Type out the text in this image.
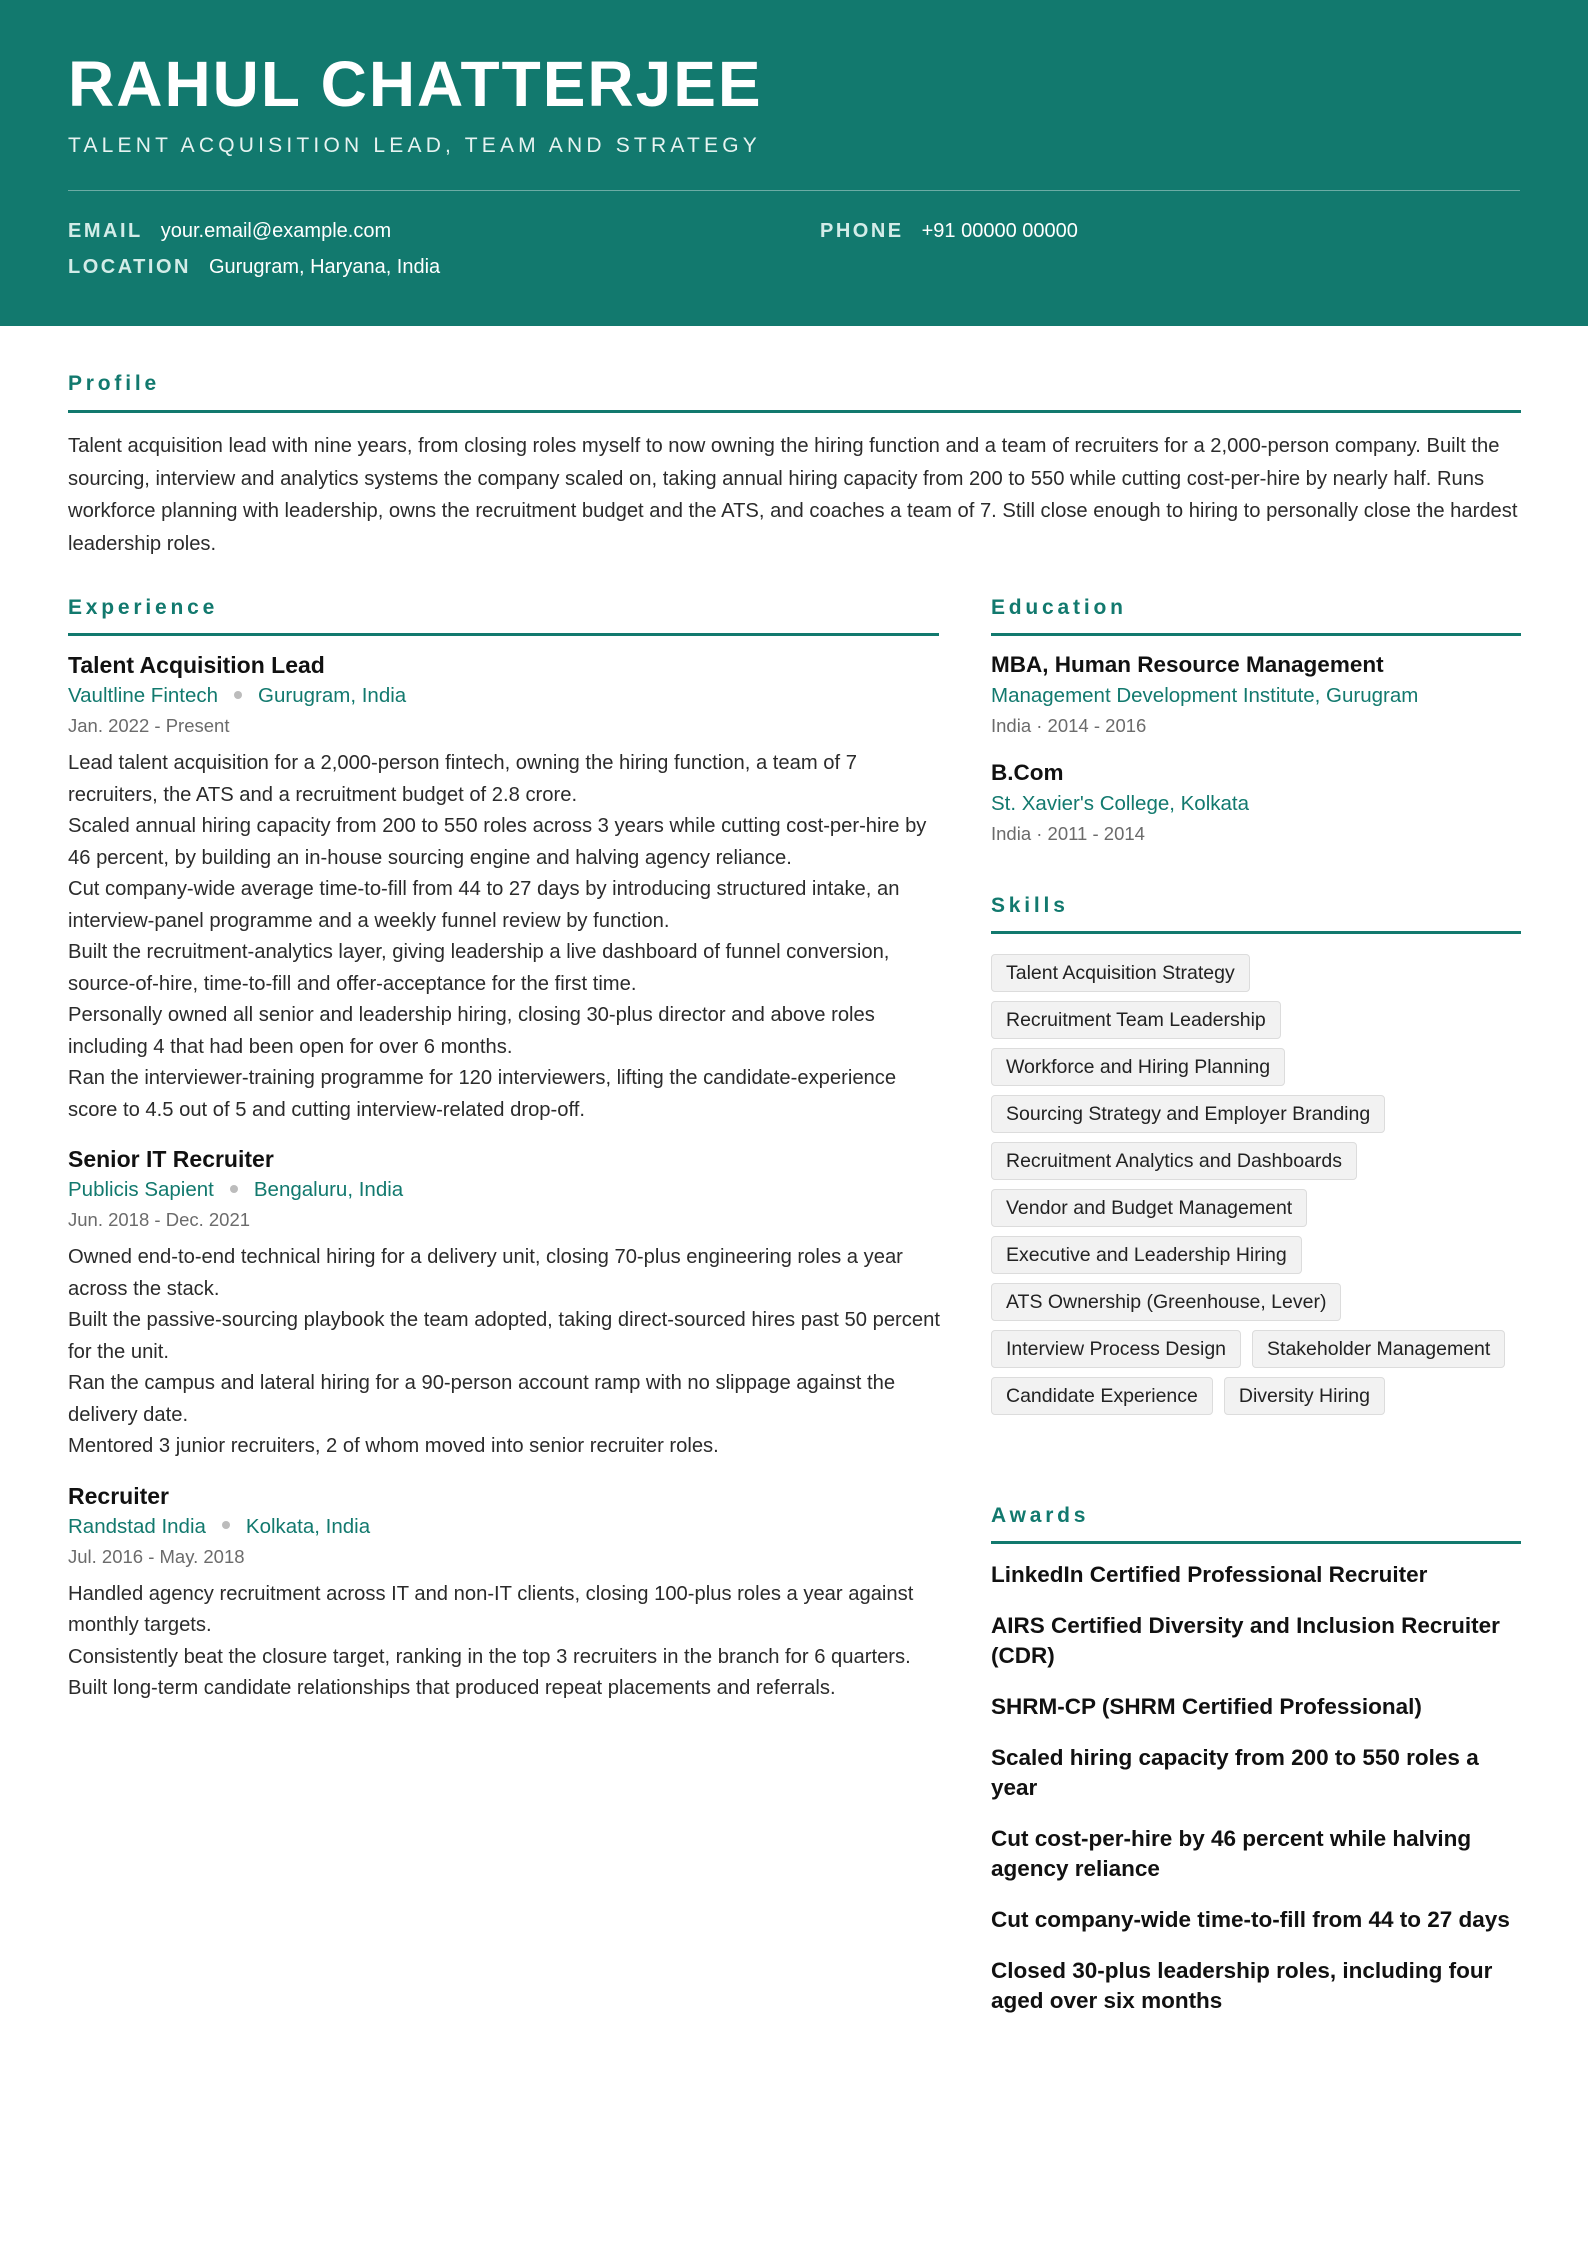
RAHUL CHATTERJEE
TALENT ACQUISITION LEAD, TEAM AND STRATEGY
EMAIL your.email@example.com	PHONE +91 00000 00000
LOCATION Gurugram, Haryana, India
Profile
Talent acquisition lead with nine years, from closing roles myself to now owning the hiring function and a team of recruiters for a 2,000-person company. Built the sourcing, interview and analytics systems the company scaled on, taking annual hiring capacity from 200 to 550 while cutting cost-per-hire by nearly half. Runs workforce planning with leadership, owns the recruitment budget and the ATS, and coaches a team of 7. Still close enough to hiring to personally close the hardest leadership roles.
Experience
Talent Acquisition Lead
Vaultline Fintech Gurugram, India
Jan. 2022 - Present
Lead talent acquisition for a 2,000-person fintech, owning the hiring function, a team of 7 recruiters, the ATS and a recruitment budget of 2.8 crore.
Scaled annual hiring capacity from 200 to 550 roles across 3 years while cutting cost-per-hire by 46 percent, by building an in-house sourcing engine and halving agency reliance.
Cut company-wide average time-to-fill from 44 to 27 days by introducing structured intake, an interview-panel programme and a weekly funnel review by function.
Built the recruitment-analytics layer, giving leadership a live dashboard of funnel conversion, source-of-hire, time-to-fill and offer-acceptance for the first time.
Personally owned all senior and leadership hiring, closing 30-plus director and above roles including 4 that had been open for over 6 months.
Ran the interviewer-training programme for 120 interviewers, lifting the candidate-experience score to 4.5 out of 5 and cutting interview-related drop-off.
Senior IT Recruiter
Publicis Sapient Bengaluru, India
Jun. 2018 - Dec. 2021
Owned end-to-end technical hiring for a delivery unit, closing 70-plus engineering roles a year across the stack.
Built the passive-sourcing playbook the team adopted, taking direct-sourced hires past 50 percent for the unit.
Ran the campus and lateral hiring for a 90-person account ramp with no slippage against the delivery date.
Mentored 3 junior recruiters, 2 of whom moved into senior recruiter roles.
Recruiter
Randstad India Kolkata, India
Jul. 2016 - May. 2018
Handled agency recruitment across IT and non-IT clients, closing 100-plus roles a year against monthly targets.
Consistently beat the closure target, ranking in the top 3 recruiters in the branch for 6 quarters.
Built long-term candidate relationships that produced repeat placements and referrals.
Education
MBA, Human Resource Management
Management Development Institute, Gurugram
India · 2014 - 2016
B.Com
St. Xavier's College, Kolkata
India · 2011 - 2014
Skills
Talent Acquisition Strategy
Recruitment Team Leadership
Workforce and Hiring Planning
Sourcing Strategy and Employer Branding
Recruitment Analytics and Dashboards
Vendor and Budget Management
Executive and Leadership Hiring
ATS Ownership (Greenhouse, Lever)
Interview Process Design	Stakeholder Management
Candidate Experience	Diversity Hiring
Awards
LinkedIn Certified Professional Recruiter
AIRS Certified Diversity and Inclusion Recruiter (CDR)
SHRM-CP (SHRM Certified Professional)
Scaled hiring capacity from 200 to 550 roles a year
Cut cost-per-hire by 46 percent while halving agency reliance
Cut company-wide time-to-fill from 44 to 27 days
Closed 30-plus leadership roles, including four aged over six months
